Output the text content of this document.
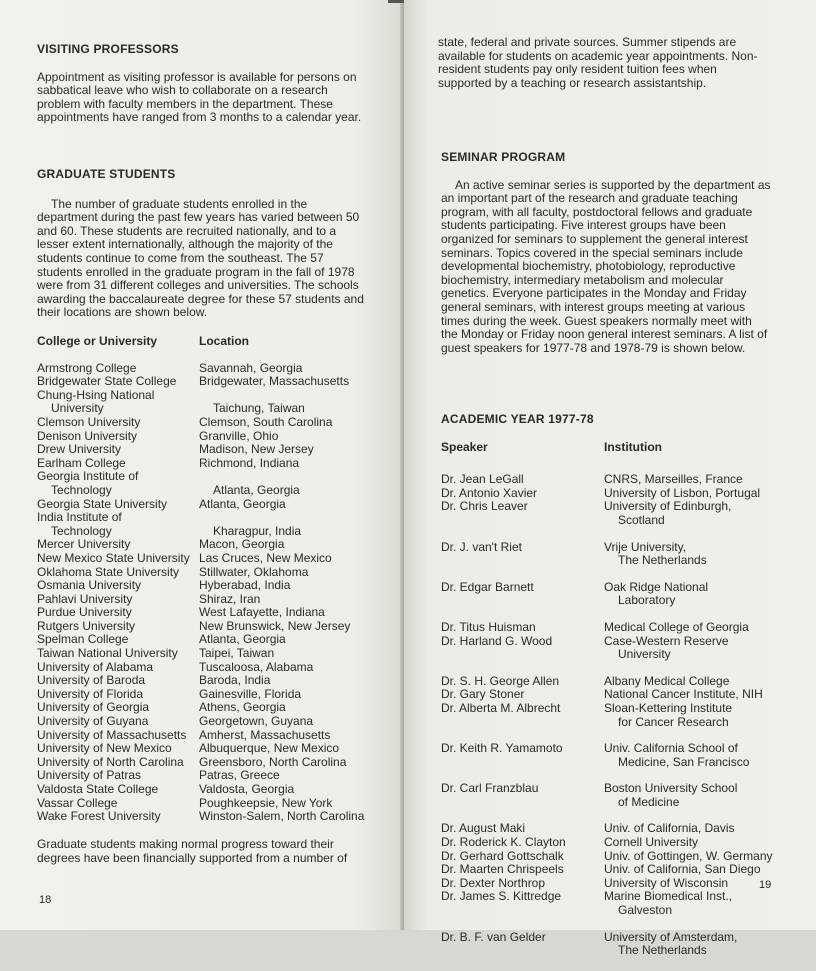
VISITING PROFESSORS

Appointment as visiting professor is available for persons on sabbatical leave who wish to collaborate on a research problem with faculty members in the department. These appointments have ranged from 3 months to a calendar year.

GRADUATE STUDENTS

The number of graduate students enrolled in the department during the past few years has varied between 50 and 60. These students are recruited nationally, and to a lesser extent internationally, although the majority of the students continue to come from the southeast. The 57 students enrolled in the graduate program in the fall of 1978 were from 31 different colleges and universities. The schools awarding the baccalaureate degree for these 57 students and their locations are shown below.

College or University	Location
Armstrong College	Savannah, Georgia
Bridgewater State College	Bridgewater, Massachusetts
Chung-Hsing National
University	Taichung, Taiwan
Clemson University	Clemson, South Carolina
Denison University	Granville, Ohio
Drew University	Madison, New Jersey
Earlham College	Richmond, Indiana
Georgia Institute of
Technology	Atlanta, Georgia
Georgia State University	Atlanta, Georgia
India Institute of
Technology	Kharagpur, India
Mercer University	Macon, Georgia
New Mexico State University Las Cruces, New Mexico
Oklahoma State University	Stillwater, Oklahoma
Osmania University	Hyberabad, India
Pahlavi University	Shiraz, Iran
Purdue University	West Lafayette, Indiana
Rutgers University	New Brunswick, New Jersey
Spelman College	Atlanta, Georgia
Taiwan National University	Taipei, Taiwan
University of Alabama	Tuscaloosa, Alabama
University of Baroda	Baroda, India
University of Florida	Gainesville, Florida
University of Georgia	Athens, Georgia
University of Guyana	Georgetown, Guyana
University of Massachusetts	Amherst, Massachusetts
University of New Mexico	Albuquerque, New Mexico
University of North Carolina	Greensboro, North Carolina
University of Patras	Patras, Greece
Valdosta State College	Valdosta, Georgia
Vassar College	Poughkeepsie, New York
Wake Forest University	Winston-Salem, North Carolina
Graduate students making normal progress toward their degrees have been financially supported from a number of
18
state, federal and private sources. Summer stipends are available for students on academic year appointments. Non-resident students pay only resident tuition fees when supported by a teaching or research assistantship.
SEMINAR PROGRAM

An active seminar series is supported by the department as an important part of the research and graduate teaching program, with all faculty, postdoctoral fellows and graduate students participating. Five interest groups have been organized for seminars to supplement the general interest seminars. Topics covered in the special seminars include developmental biochemistry, photobiology, reproductive biochemistry, intermediary metabolism and molecular genetics. Everyone participates in the Monday and Friday general seminars, with interest groups meeting at various times during the week. Guest speakers normally meet with the Monday or Friday noon general interest seminars. A list of guest speakers for 1977-78 and 1978-79 is shown below.

ACADEMIC YEAR 1977-78
Speaker	Institution
Dr. Jean LeGall	CNRS, Marseilles, France
Dr. Antonio Xavier	University of Lisbon, Portugal
Dr. Chris Leaver	University of Edinburgh,
Scotland
Dr. J. van't Riet	Vrije University,
The Netherlands
Dr. Edgar Barnett	Oak Ridge National
Laboratory
Dr. Titus Huisman	Medical College of Georgia
Dr. Harland G. Wood	Case-Western Reserve
University
Dr. S. H. George Allen	Albany Medical College
Dr. Gary Stoner	National Cancer Institute, NIH
Dr. Alberta M. Albrecht	Sloan-Kettering Institute
for Cancer Research
Dr. Keith R. Yamamoto	Univ. California School of
Medicine, San Francisco
Dr. Carl Franzblau	Boston University School
of Medicine
Dr. August Maki	Univ. of California, Davis
Dr. Roderick K. Clayton	Cornell University
Dr. Gerhard Gottschalk	Univ. of Gottingen, W. Germany
Dr. Maarten Chrispeels	Univ. of California, San Diego
Dr. Dexter Northrop	University of Wisconsin
Dr. James S. Kittredge	Marine Biomedical Inst.,
Galveston
Dr. B. F. van Gelder	University of Amsterdam,
The Netherlands
19
